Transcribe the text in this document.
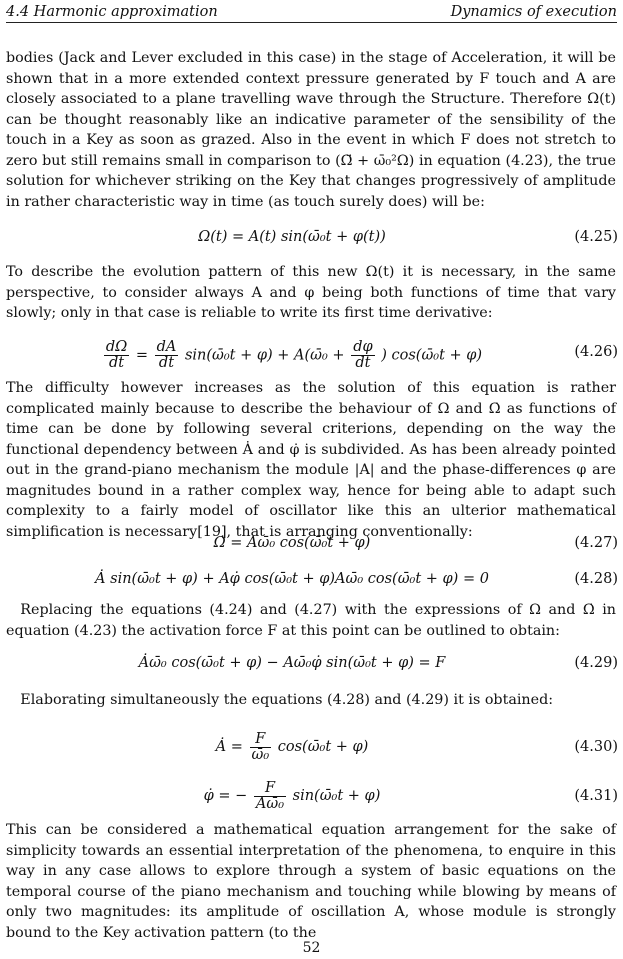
4.4 Harmonic approximation	Dynamics of execution

bodies (Jack and Lever excluded in this case) in the stage of Acceleration, it will be shown that in a more extended context pressure generated by F touch and A are closely associated to a plane travelling wave through the Structure. Therefore Ω(t) can be thought reasonably like an indicative parameter of the sensibility of the touch in a Key as soon as grazed. Also in the event in which F does not stretch to zero but still remains small in comparison to (Ω̈ + ω̄₀²Ω) in equation (4.23), the true solution for whichever striking on the Key that changes progressively of amplitude in rather characteristic way in time (as touch surely does) will be:

Ω(t) = A(t) sin(ω̄₀t + φ(t))	(4.25)

To describe the evolution pattern of this new Ω(t) it is necessary, in the same perspective, to consider always A and φ being both functions of time that vary slowly; only in that case is reliable to write its first time derivative:

$\frac{d\Omega}{dt} = \frac{dA}{dt}$ sin(ω̄₀t + φ) + A(ω̄₀ + $\frac{d\varphi}{dt}$ ) cos(ω̄₀t + φ)	(4.26)

The difficulty however increases as the solution of this equation is rather complicated mainly because to describe the behaviour of Ω and Ω̇ as functions of time can be done by following several criterions, depending on the way the functional dependency between Ȧ and φ̇ is subdivided. As has been already pointed out in the grand-piano mechanism the module |A| and the phase-differences φ are magnitudes bound in a rather complex way, hence for being able to adapt such complexity to a fairly model of oscillator like this an ulterior mathematical simplification is necessary[19], that is arranging conventionally:

Ω̇ = Aω̄₀ cos(ω̄₀t + φ)	(4.27)
Ȧ sin(ω̄₀t + φ) + Aφ̇ cos(ω̄₀t + φ)Aω̄₀ cos(ω̄₀t + φ) = 0	(4.28)

Replacing the equations (4.24) and (4.27) with the expressions of Ω and Ω̇ in equation (4.23) the activation force F at this point can be outlined to obtain:

Ȧω̄₀ cos(ω̄₀t + φ) − Aω̄₀φ̇ sin(ω̄₀t + φ) = F	(4.29)

Elaborating simultaneously the equations (4.28) and (4.29) it is obtained:

Ȧ = $\frac{F}{\text{ω̄₀}}$ cos(ω̄₀t + φ)	(4.30)
φ̇ = − $\frac{F}{\text{Aω̄₀}}$ sin(ω̄₀t + φ)	(4.31)

This can be considered a mathematical equation arrangement for the sake of simplicity towards an essential interpretation of the phenomena, to enquire in this way in any case allows to explore through a system of basic equations on the temporal course of the piano mechanism and touching while blowing by means of only two magnitudes: its amplitude of oscillation A, whose module is strongly bound to the Key activation pattern (to the

52
